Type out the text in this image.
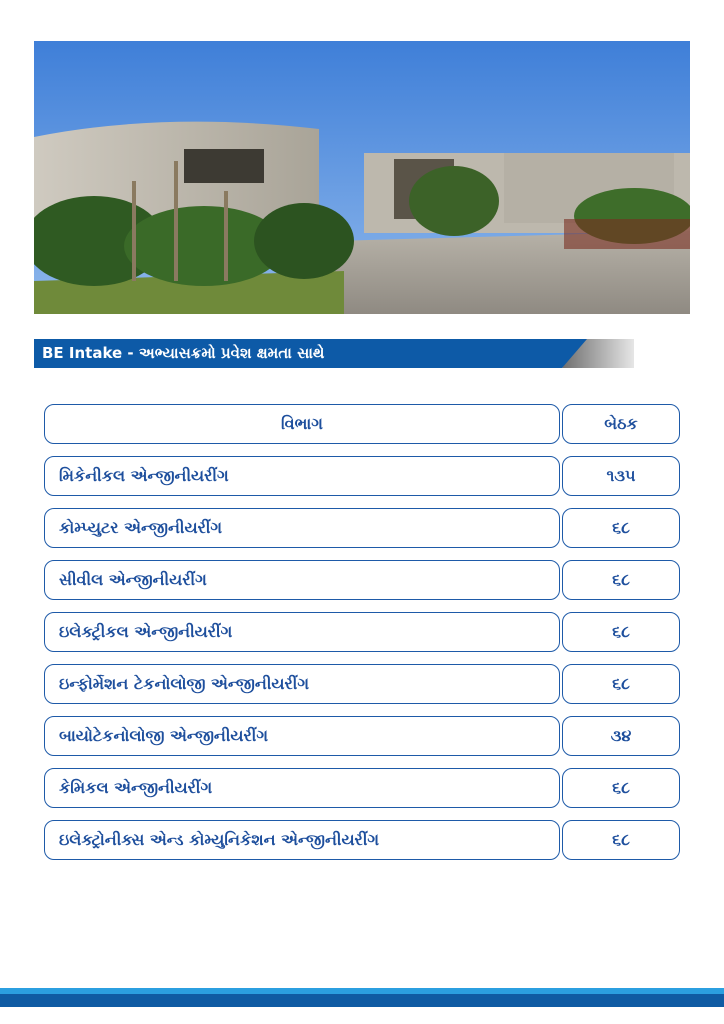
BE Intake - અભ્યાસક્રમો પ્રવેશ ક્ષમતા સાથે
વિભાગ	બેઠક
મિકેનીકલ એન્જીનીયરીંગ	૧૩૫
કોમ્પ્યુટર એન્જીનીયરીંગ	૬૮
સીવીલ એન્જીનીયરીંગ	૬૮
ઇલેક્ટ્રીકલ એન્જીનીયરીંગ	૬૮
ઇન્ફોર્મેશન ટેકનોલોજી એન્જીનીયરીંગ	૬૮
બાયોટેકનોલોજી એન્જીનીયરીંગ	૩૪
કેમિકલ એન્જીનીયરીંગ	૬૮
ઇલેક્ટ્રોનીક્સ એન્ડ કોમ્યુનિકેશન એન્જીનીયરીંગ	૬૮
